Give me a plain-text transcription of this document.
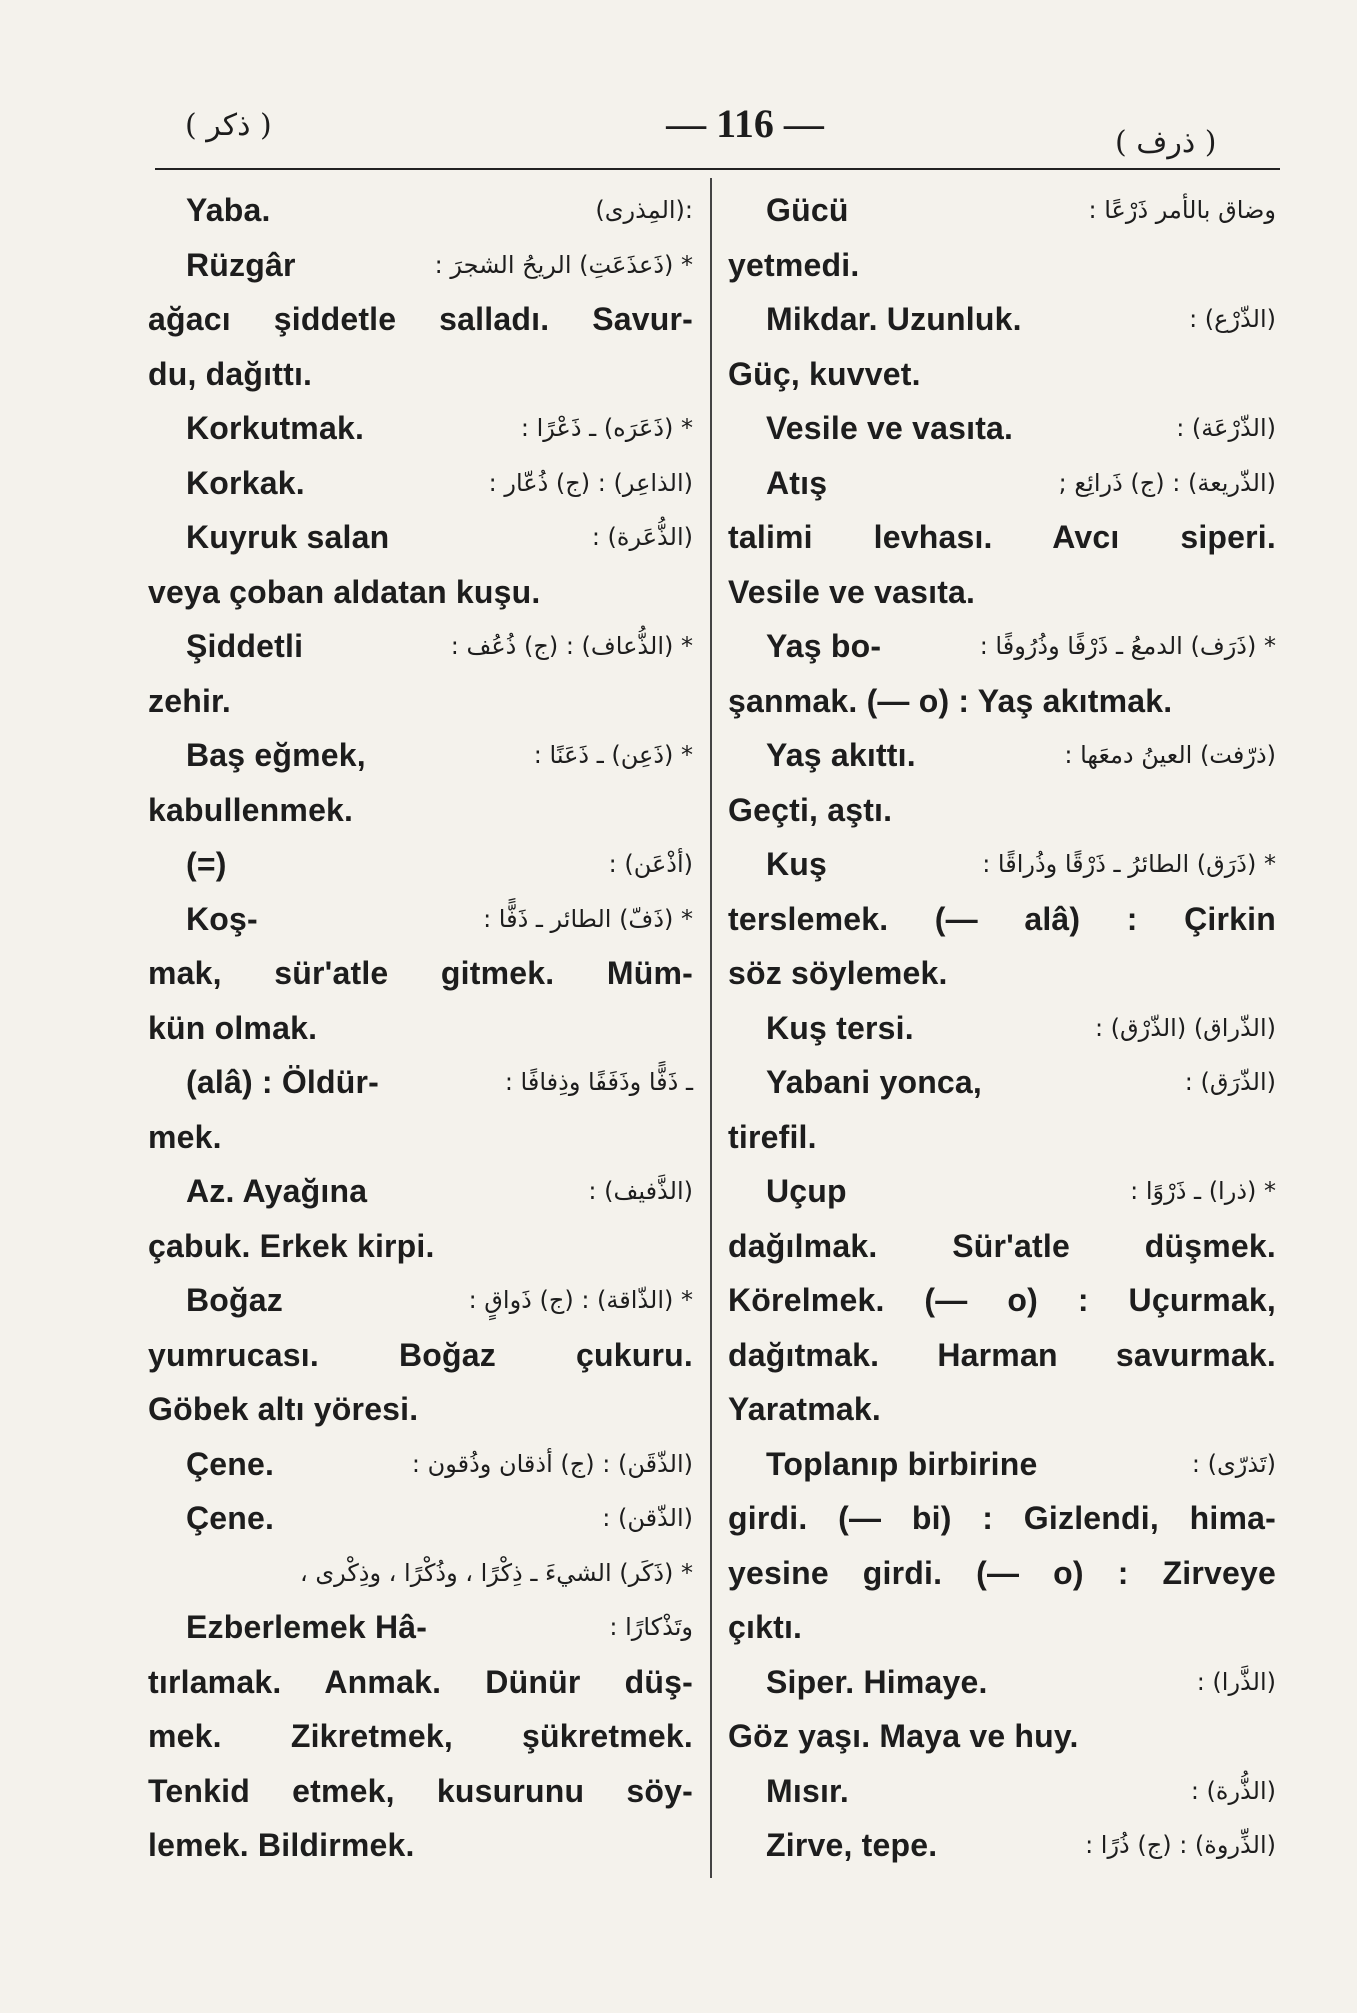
( ذكر )	— 116 —	( ذرف )
Yaba.	:(المِذرى)
Rüzgâr	* (ذَعذَعَتِ) الريحُ الشجرَ :
ağacı şiddetle salladı. Savur-
du, dağıttı.
Korkutmak.	* (ذَعَرَه) ـ ذَعْرًا :
Korkak.	(الذاعِر) : (ج) ذُعّار :
Kuyruk salan	(الذُّعَرة) :
veya çoban aldatan kuşu.
Şiddetli	* (الذُّعاف) : (ج) ذُعُف :
zehir.
Baş eğmek,	* (ذَعِن) ـ ذَعَنًا :
kabullenmek.
(=)	(أذْعَن) :
Koş-	* (ذَفّ) الطائر ـ ذَفًّا :
mak, sür'atle gitmek. Müm-
kün olmak.
(alâ) : Öldür-	ـ ذَفًّا وذَفَفًا وذِفافًا :
mek.
Az. Ayağına	(الذَّفيف) :
çabuk. Erkek kirpi.
Boğaz	* (الذّاقة) : (ج) ذَواقٍ :
yumrucası. Boğaz çukuru.
Göbek altı yöresi.
Çene.	(الذّقَن) : (ج) أذقان وذُقون :
Çene.	(الذّقن) :
* (ذَكَر) الشيءَ ـ ذِكْرًا ، وذُكْرًا ، وذِكْرى ،
Ezberlemek Hâ-	وتَذْكارًا :
tırlamak. Anmak. Dünür düş-
mek. Zikretmek, şükretmek.
Tenkid etmek, kusurunu söy-
lemek. Bildirmek.
Gücü	وضاق بالأمر ذَرْعًا :
yetmedi.
Mikdar. Uzunluk.	(الذّرْع) :
Güç, kuvvet.
Vesile ve vasıta.	(الذّرْعَة) :
Atış	(الذّريعة) : (ج) ذَرائِع ;
talimi levhası. Avcı siperi.
Vesile ve vasıta.
Yaş bo-	* (ذَرَف) الدمعُ ـ ذَرْفًا وذُرُوفًا :
şanmak. (— o) : Yaş akıtmak.
Yaş akıttı.	(ذرّفت) العينُ دمعَها :
Geçti, aştı.
Kuş	* (ذَرَق) الطائرُ ـ ذَرْقًا وذُراقًا :
terslemek. (— alâ) : Çirkin
söz söylemek.
Kuş tersi.	(الذّراق) (الذّرْق) :
Yabani yonca,	(الذّرَق) :
tirefil.
Uçup	* (ذرا) ـ ذَرْوًا :
dağılmak. Sür'atle düşmek.
Körelmek. (— o) : Uçurmak,
dağıtmak. Harman savurmak.
Yaratmak.
Toplanıp birbirine	(تَذرّى) :
girdi. (— bi) : Gizlendi, hima-
yesine girdi. (— o) : Zirveye
çıktı.
Siper. Himaye.	(الذَّرا) :
Göz yaşı. Maya ve huy.
Mısır.	(الذُّرة) :
Zirve, tepe.	(الذِّروة) : (ج) ذُرًا :
